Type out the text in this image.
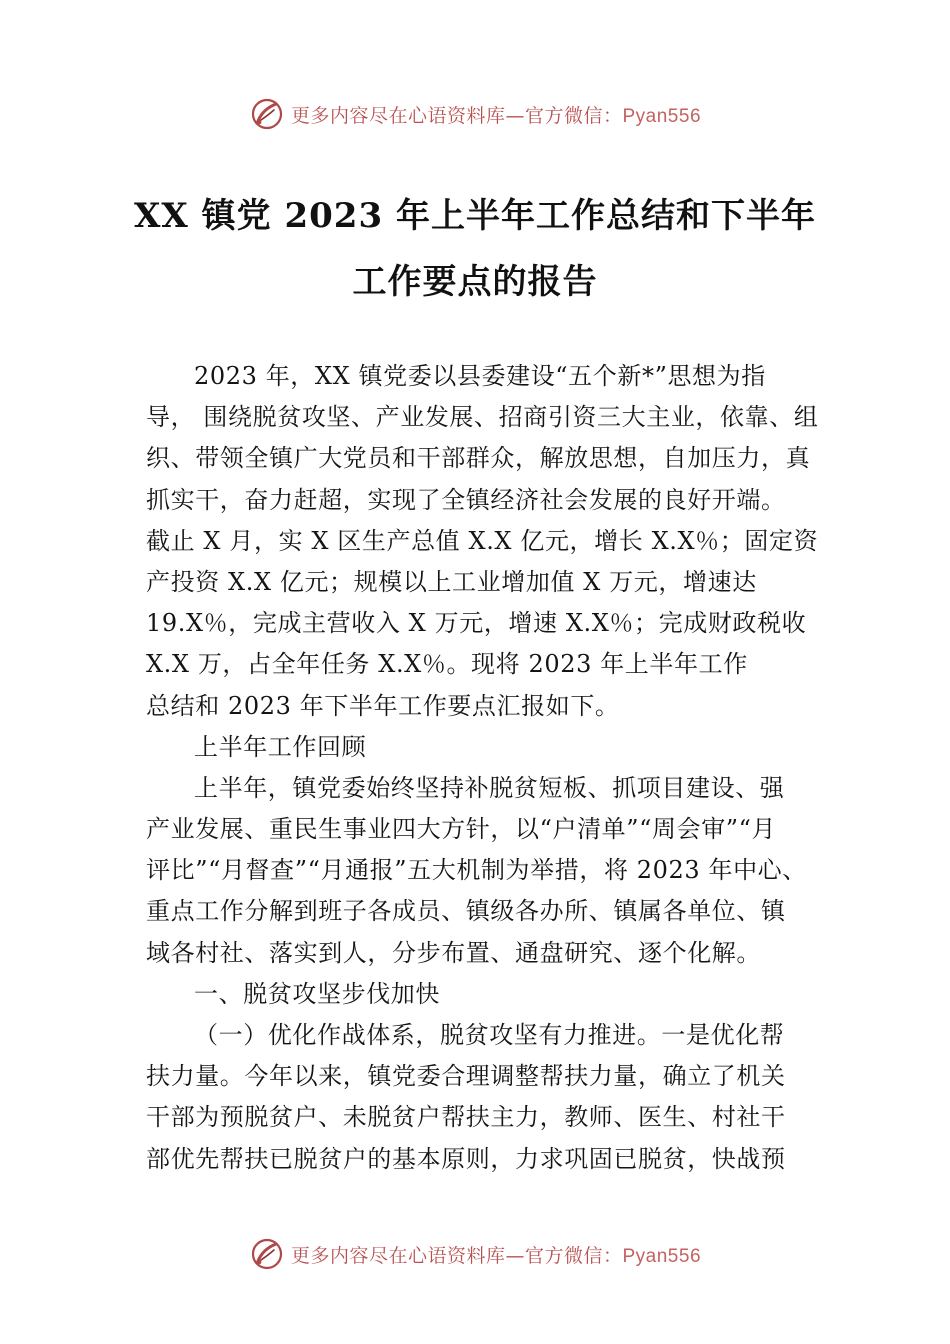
更多内容尽在心语资料库—官方微信：Pyan556
XX 镇党 2023 年上半年工作总结和下半年
工作要点的报告
2023 年，XX 镇党委以县委建设“五个新*”思想为指
导， 围绕脱贫攻坚、产业发展、招商引资三大主业，依靠、组
织、带领全镇广大党员和干部群众，解放思想，自加压力，真
抓实干，奋力赶超，实现了全镇经济社会发展的良好开端。
截止 X 月，实 X 区生产总值 X.X 亿元，增长 X.X％；固定资
产投资 X.X 亿元；规模以上工业增加值 X 万元，增速达
19.X％，完成主营收入 X 万元，增速 X.X％；完成财政税收
X.X 万，占全年任务 X.X％。现将 2023 年上半年工作
总结和 2023 年下半年工作要点汇报如下。
上半年工作回顾
上半年，镇党委始终坚持补脱贫短板、抓项目建设、强
产业发展、重民生事业四大方针，以“户清单”“周会审”“月
评比”“月督查”“月通报”五大机制为举措，将 2023 年中心、
重点工作分解到班子各成员、镇级各办所、镇属各单位、镇
域各村社、落实到人，分步布置、通盘研究、逐个化解。
一、脱贫攻坚步伐加快
（一）优化作战体系，脱贫攻坚有力推进。一是优化帮
扶力量。今年以来，镇党委合理调整帮扶力量，确立了机关
干部为预脱贫户、未脱贫户帮扶主力，教师、医生、村社干
部优先帮扶已脱贫户的基本原则，力求巩固已脱贫，快战预
更多内容尽在心语资料库—官方微信：Pyan556
